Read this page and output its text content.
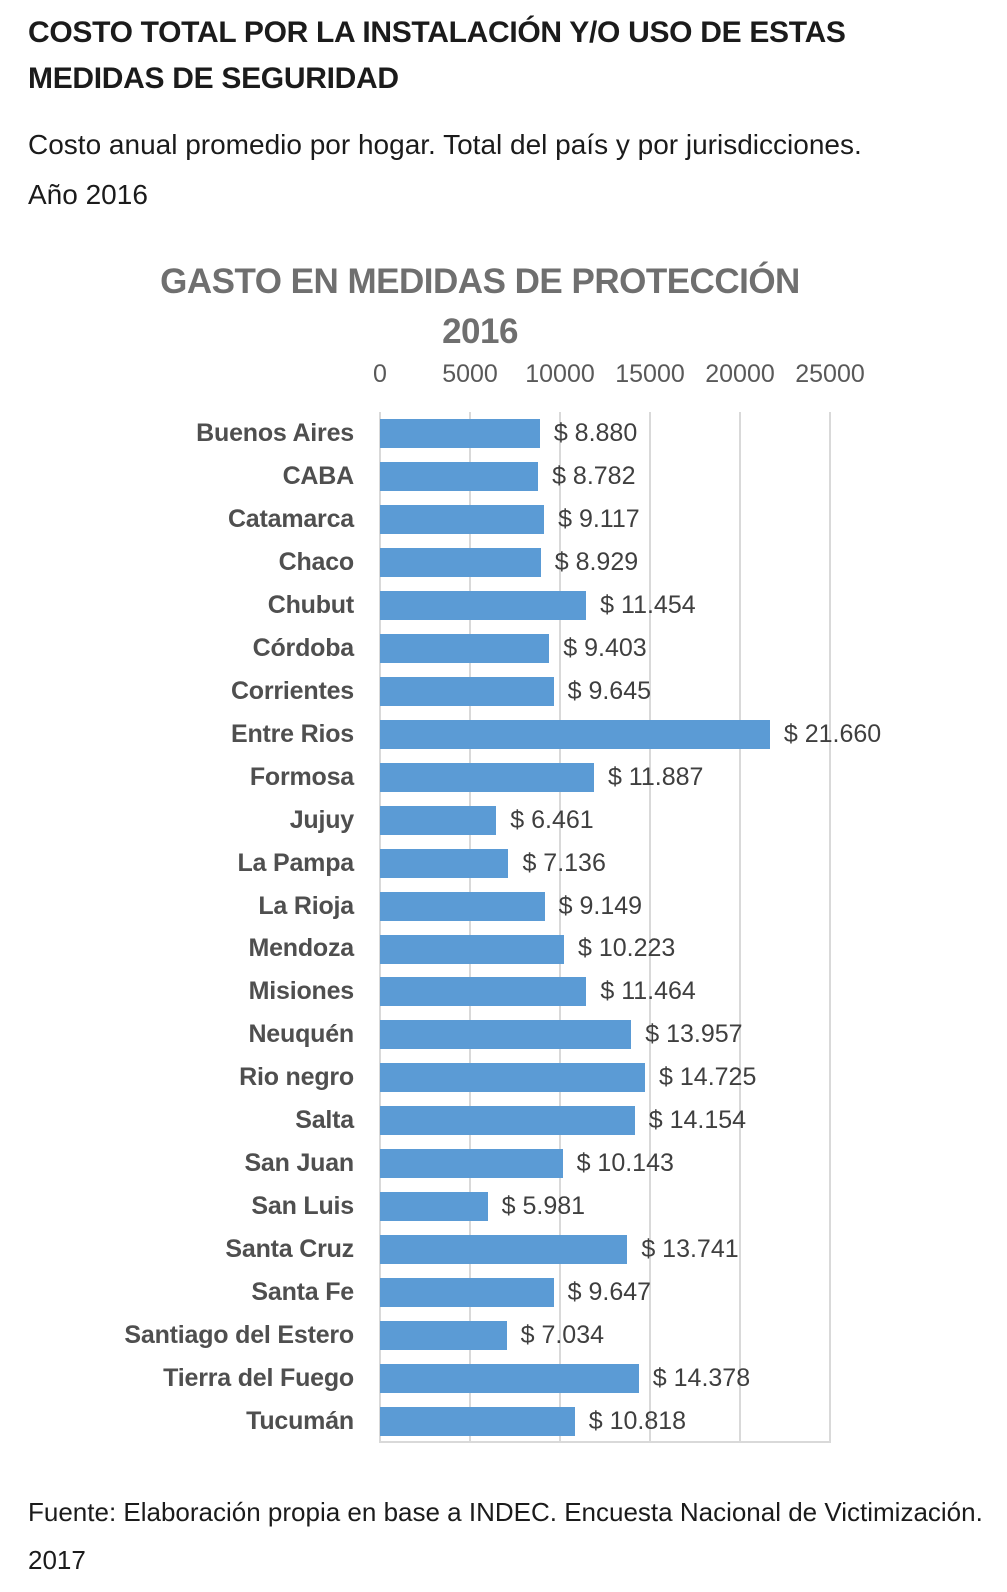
COSTO TOTAL POR LA INSTALACIÓN Y/O USO DE ESTAS
MEDIDAS DE SEGURIDAD
Costo anual promedio por hogar. Total del país y por jurisdicciones.
Año 2016
GASTO EN MEDIDAS DE PROTECCIÓN
2016
0 5000 10000 15000 20000 25000
Buenos Aires	$ 8.880
CABA	$ 8.782
Catamarca	$ 9.117
Chaco	$ 8.929
Chubut	$ 11.454
Córdoba	$ 9.403
Corrientes	$ 9.645
Entre Rios	$ 21.660
Formosa	$ 11.887
Jujuy	$ 6.461
La Pampa	$ 7.136
La Rioja	$ 9.149
Mendoza	$ 10.223
Misiones	$ 11.464
Neuquén	$ 13.957
Rio negro	$ 14.725
Salta	$ 14.154
San Juan	$ 10.143
San Luis	$ 5.981
Santa Cruz	$ 13.741
Santa Fe	$ 9.647
Santiago del Estero	$ 7.034
Tierra del Fuego	$ 14.378
Tucumán	$ 10.818
Fuente: Elaboración propia en base a INDEC. Encuesta Nacional de Victimización.
2017
